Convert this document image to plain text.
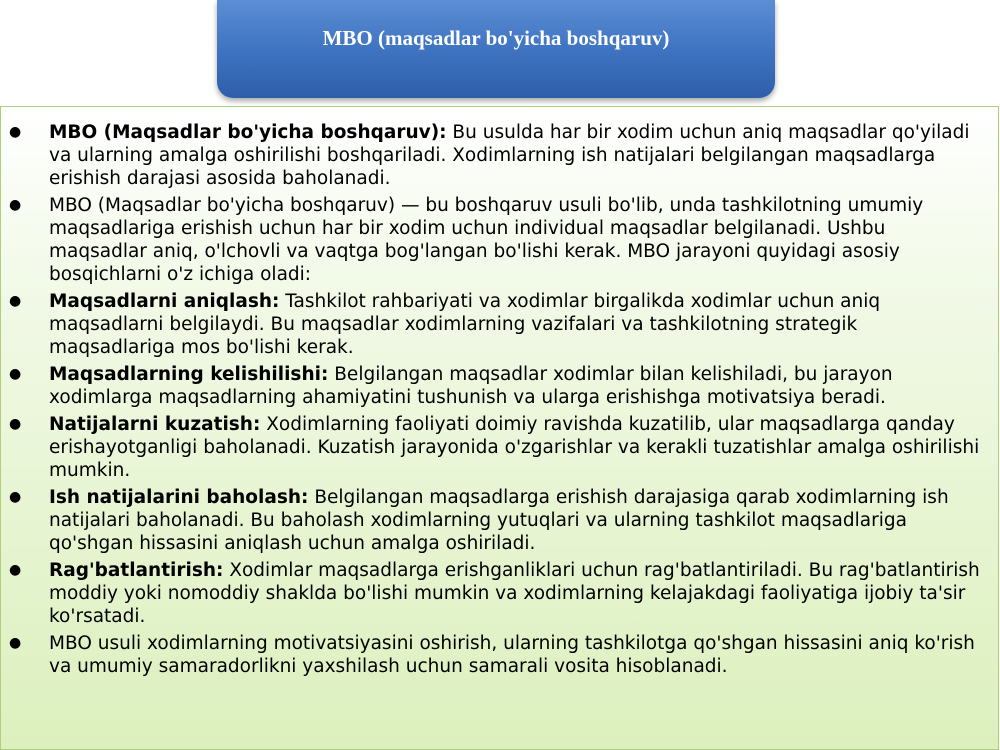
MBO (maqsadlar bo'yicha boshqaruv)
● MBO (Maqsadlar bo'yicha boshqaruv): Bu usulda har bir xodim uchun aniq maqsadlar qo'yiladi va ularning amalga oshirilishi boshqariladi. Xodimlarning ish natijalari belgilangan maqsadlarga erishish darajasi asosida baholanadi.
● MBO (Maqsadlar bo'yicha boshqaruv) — bu boshqaruv usuli bo'lib, unda tashkilotning umumiy maqsadlariga erishish uchun har bir xodim uchun individual maqsadlar belgilanadi. Ushbu maqsadlar aniq, o'lchovli va vaqtga bog'langan bo'lishi kerak. MBO jarayoni quyidagi asosiy bosqichlarni o'z ichiga oladi:
● Maqsadlarni aniqlash: Tashkilot rahbariyati va xodimlar birgalikda xodimlar uchun aniq maqsadlarni belgilaydi. Bu maqsadlar xodimlarning vazifalari va tashkilotning strategik maqsadlariga mos bo'lishi kerak.
● Maqsadlarning kelishilishi: Belgilangan maqsadlar xodimlar bilan kelishiladi, bu jarayon xodimlarga maqsadlarning ahamiyatini tushunish va ularga erishishga motivatsiya beradi.
● Natijalarni kuzatish: Xodimlarning faoliyati doimiy ravishda kuzatilib, ular maqsadlarga qanday erishayotganligi baholanadi. Kuzatish jarayonida o'zgarishlar va kerakli tuzatishlar amalga oshirilishi mumkin.
● Ish natijalarini baholash: Belgilangan maqsadlarga erishish darajasiga qarab xodimlarning ish natijalari baholanadi. Bu baholash xodimlarning yutuqlari va ularning tashkilot maqsadlariga qo'shgan hissasini aniqlash uchun amalga oshiriladi.
● Rag'batlantirish: Xodimlar maqsadlarga erishganliklari uchun rag'batlantiriladi. Bu rag'batlantirish moddiy yoki nomoddiy shaklda bo'lishi mumkin va xodimlarning kelajakdagi faoliyatiga ijobiy ta'sir ko'rsatadi.
● MBO usuli xodimlarning motivatsiyasini oshirish, ularning tashkilotga qo'shgan hissasini aniq ko'rish va umumiy samaradorlikni yaxshilash uchun samarali vosita hisoblanadi.
